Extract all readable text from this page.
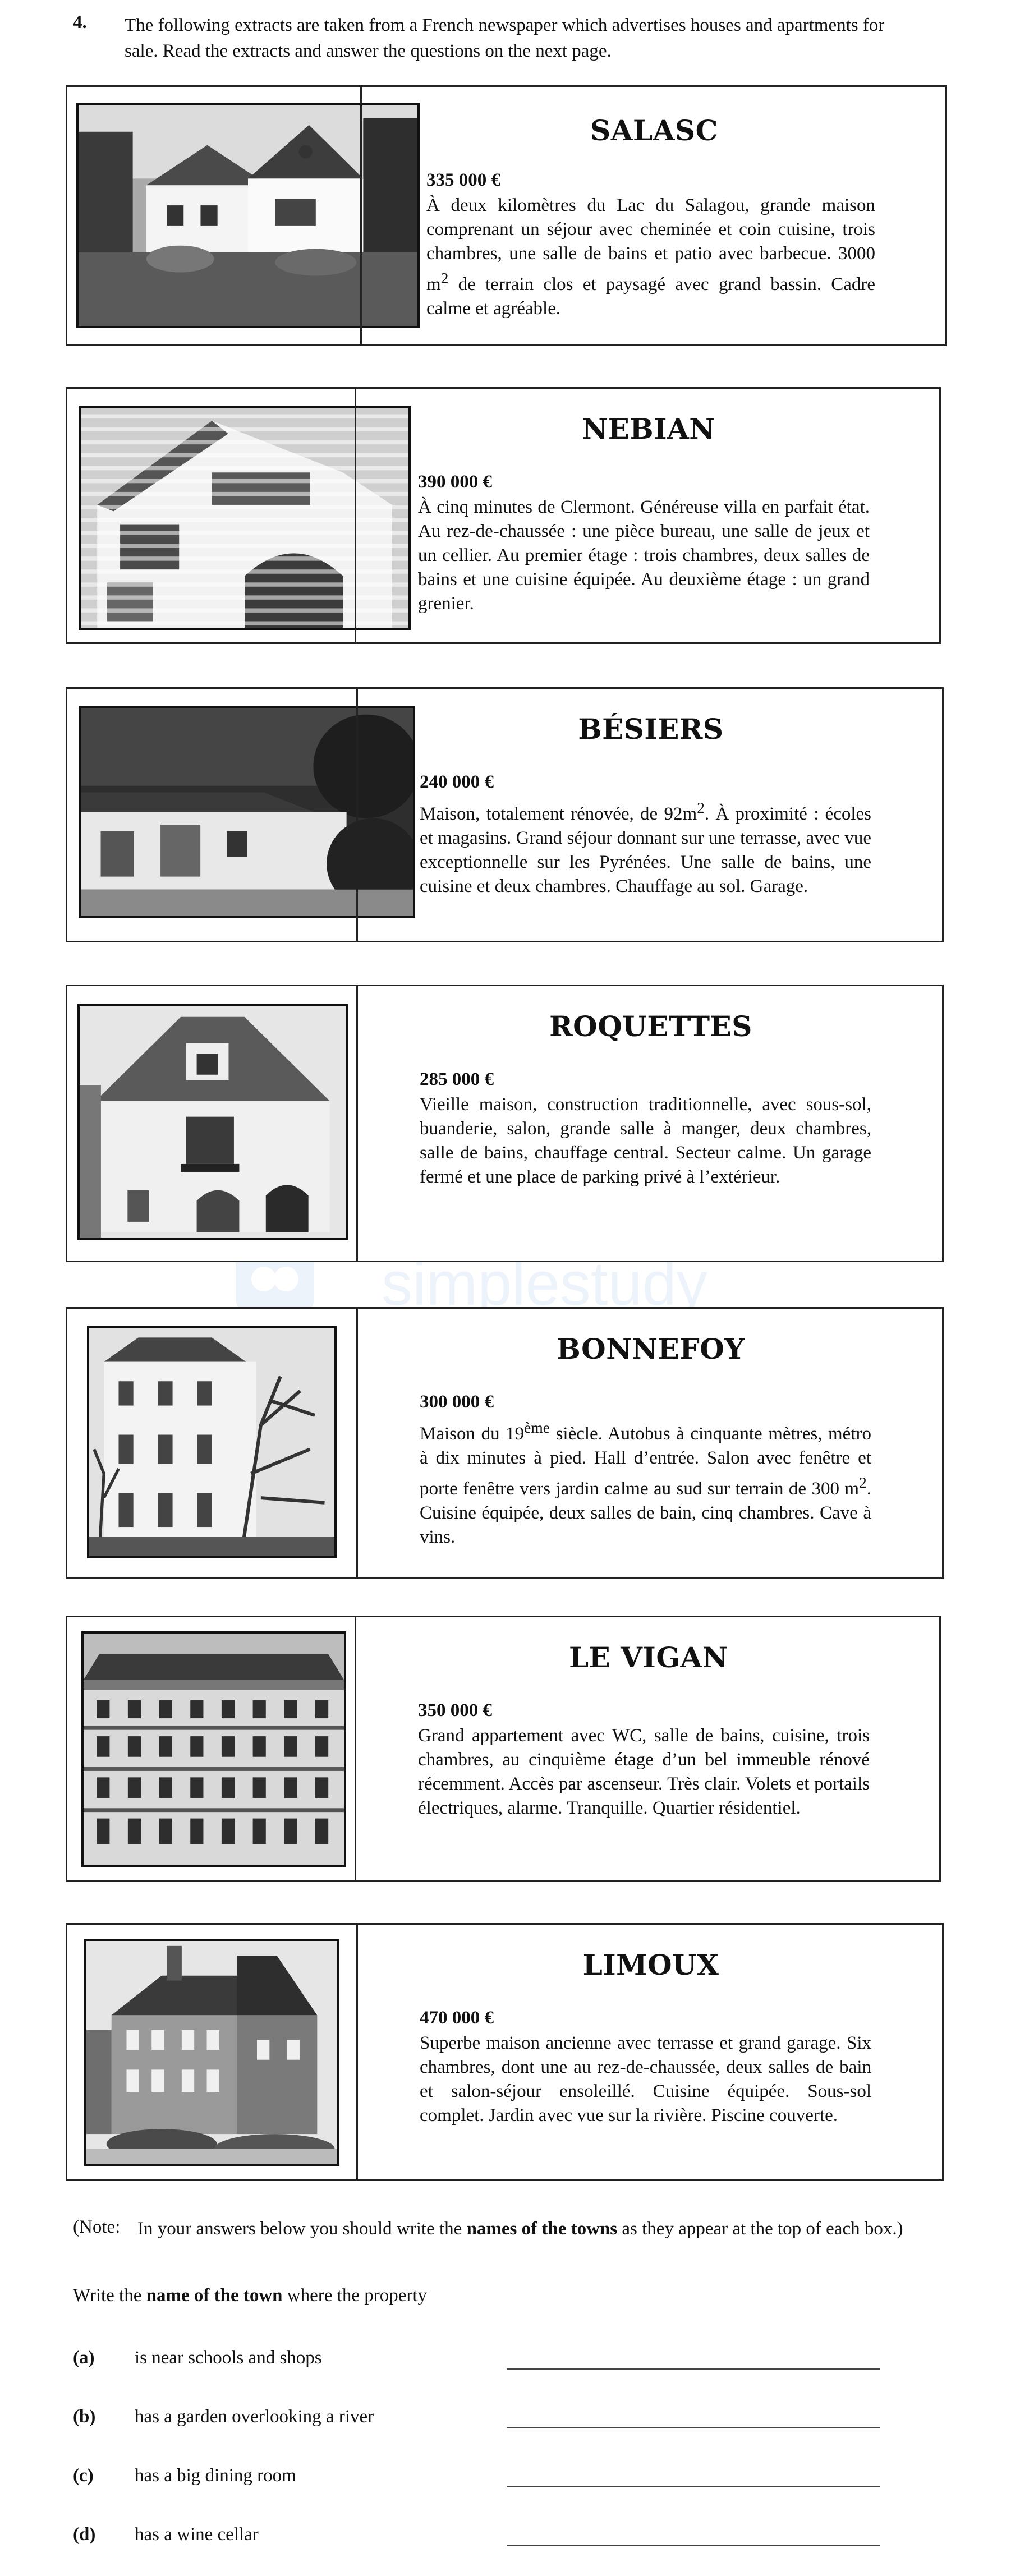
4. The following extracts are taken from a French newspaper which advertises houses and apartments for sale. Read the extracts and answer the questions on the next page.
simplestudy
SALASC
335 000 €
À deux kilomètres du Lac du Salagou, grande maison comprenant un séjour avec cheminée et coin cuisine, trois chambres, une salle de bains et patio avec barbecue. 3000 $m^2$ de terrain clos et paysagé avec grand bassin. Cadre calme et agréable.
NEBIAN
390 000 €
À cinq minutes de Clermont. Généreuse villa en parfait état. Au rez-de-chaussée : une pièce bureau, une salle de jeux et un cellier. Au premier étage : trois chambres, deux salles de bains et une cuisine équipée. Au deuxième étage : un grand grenier.
BÉSIERS
240 000 €
Maison, totalement rénovée, de $92m^2$. À proximité : écoles et magasins. Grand séjour donnant sur une terrasse, avec vue exceptionnelle sur les Pyrénées. Une salle de bains, une cuisine et deux chambres. Chauffage au sol. Garage.
ROQUETTES
285 000 €
Vieille maison, construction traditionnelle, avec sous-sol, buanderie, salon, grande salle à manger, deux chambres, salle de bains, chauffage central. Secteur calme. Un garage fermé et une place de parking privé à l’extérieur.
BONNEFOY
300 000 €
Maison du 19ème siècle. Autobus à cinquante mètres, métro à dix minutes à pied. Hall d’entrée. Salon avec fenêtre et porte fenêtre vers jardin calme au sud sur terrain de 300 $m^2$. Cuisine équipée, deux salles de bain, cinq chambres. Cave à vins.
LE VIGAN
350 000 €
Grand appartement avec WC, salle de bains, cuisine, trois chambres, au cinquième étage d’un bel immeuble rénové récemment. Accès par ascenseur. Très clair. Volets et portails électriques, alarme. Tranquille. Quartier résidentiel.
LIMOUX
470 000 €
Superbe maison ancienne avec terrasse et grand garage. Six chambres, dont une au rez-de-chaussée, deux salles de bain et salon-séjour ensoleillé. Cuisine équipée. Sous-sol complet. Jardin avec vue sur la rivière. Piscine couverte.
(Note: In your answers below you should write the names of the towns as they appear at the top of each box.)
Write the name of the town where the property
(a) is near schools and shops
(b) has a garden overlooking a river
(c) has a big dining room
(d) has a wine cellar
